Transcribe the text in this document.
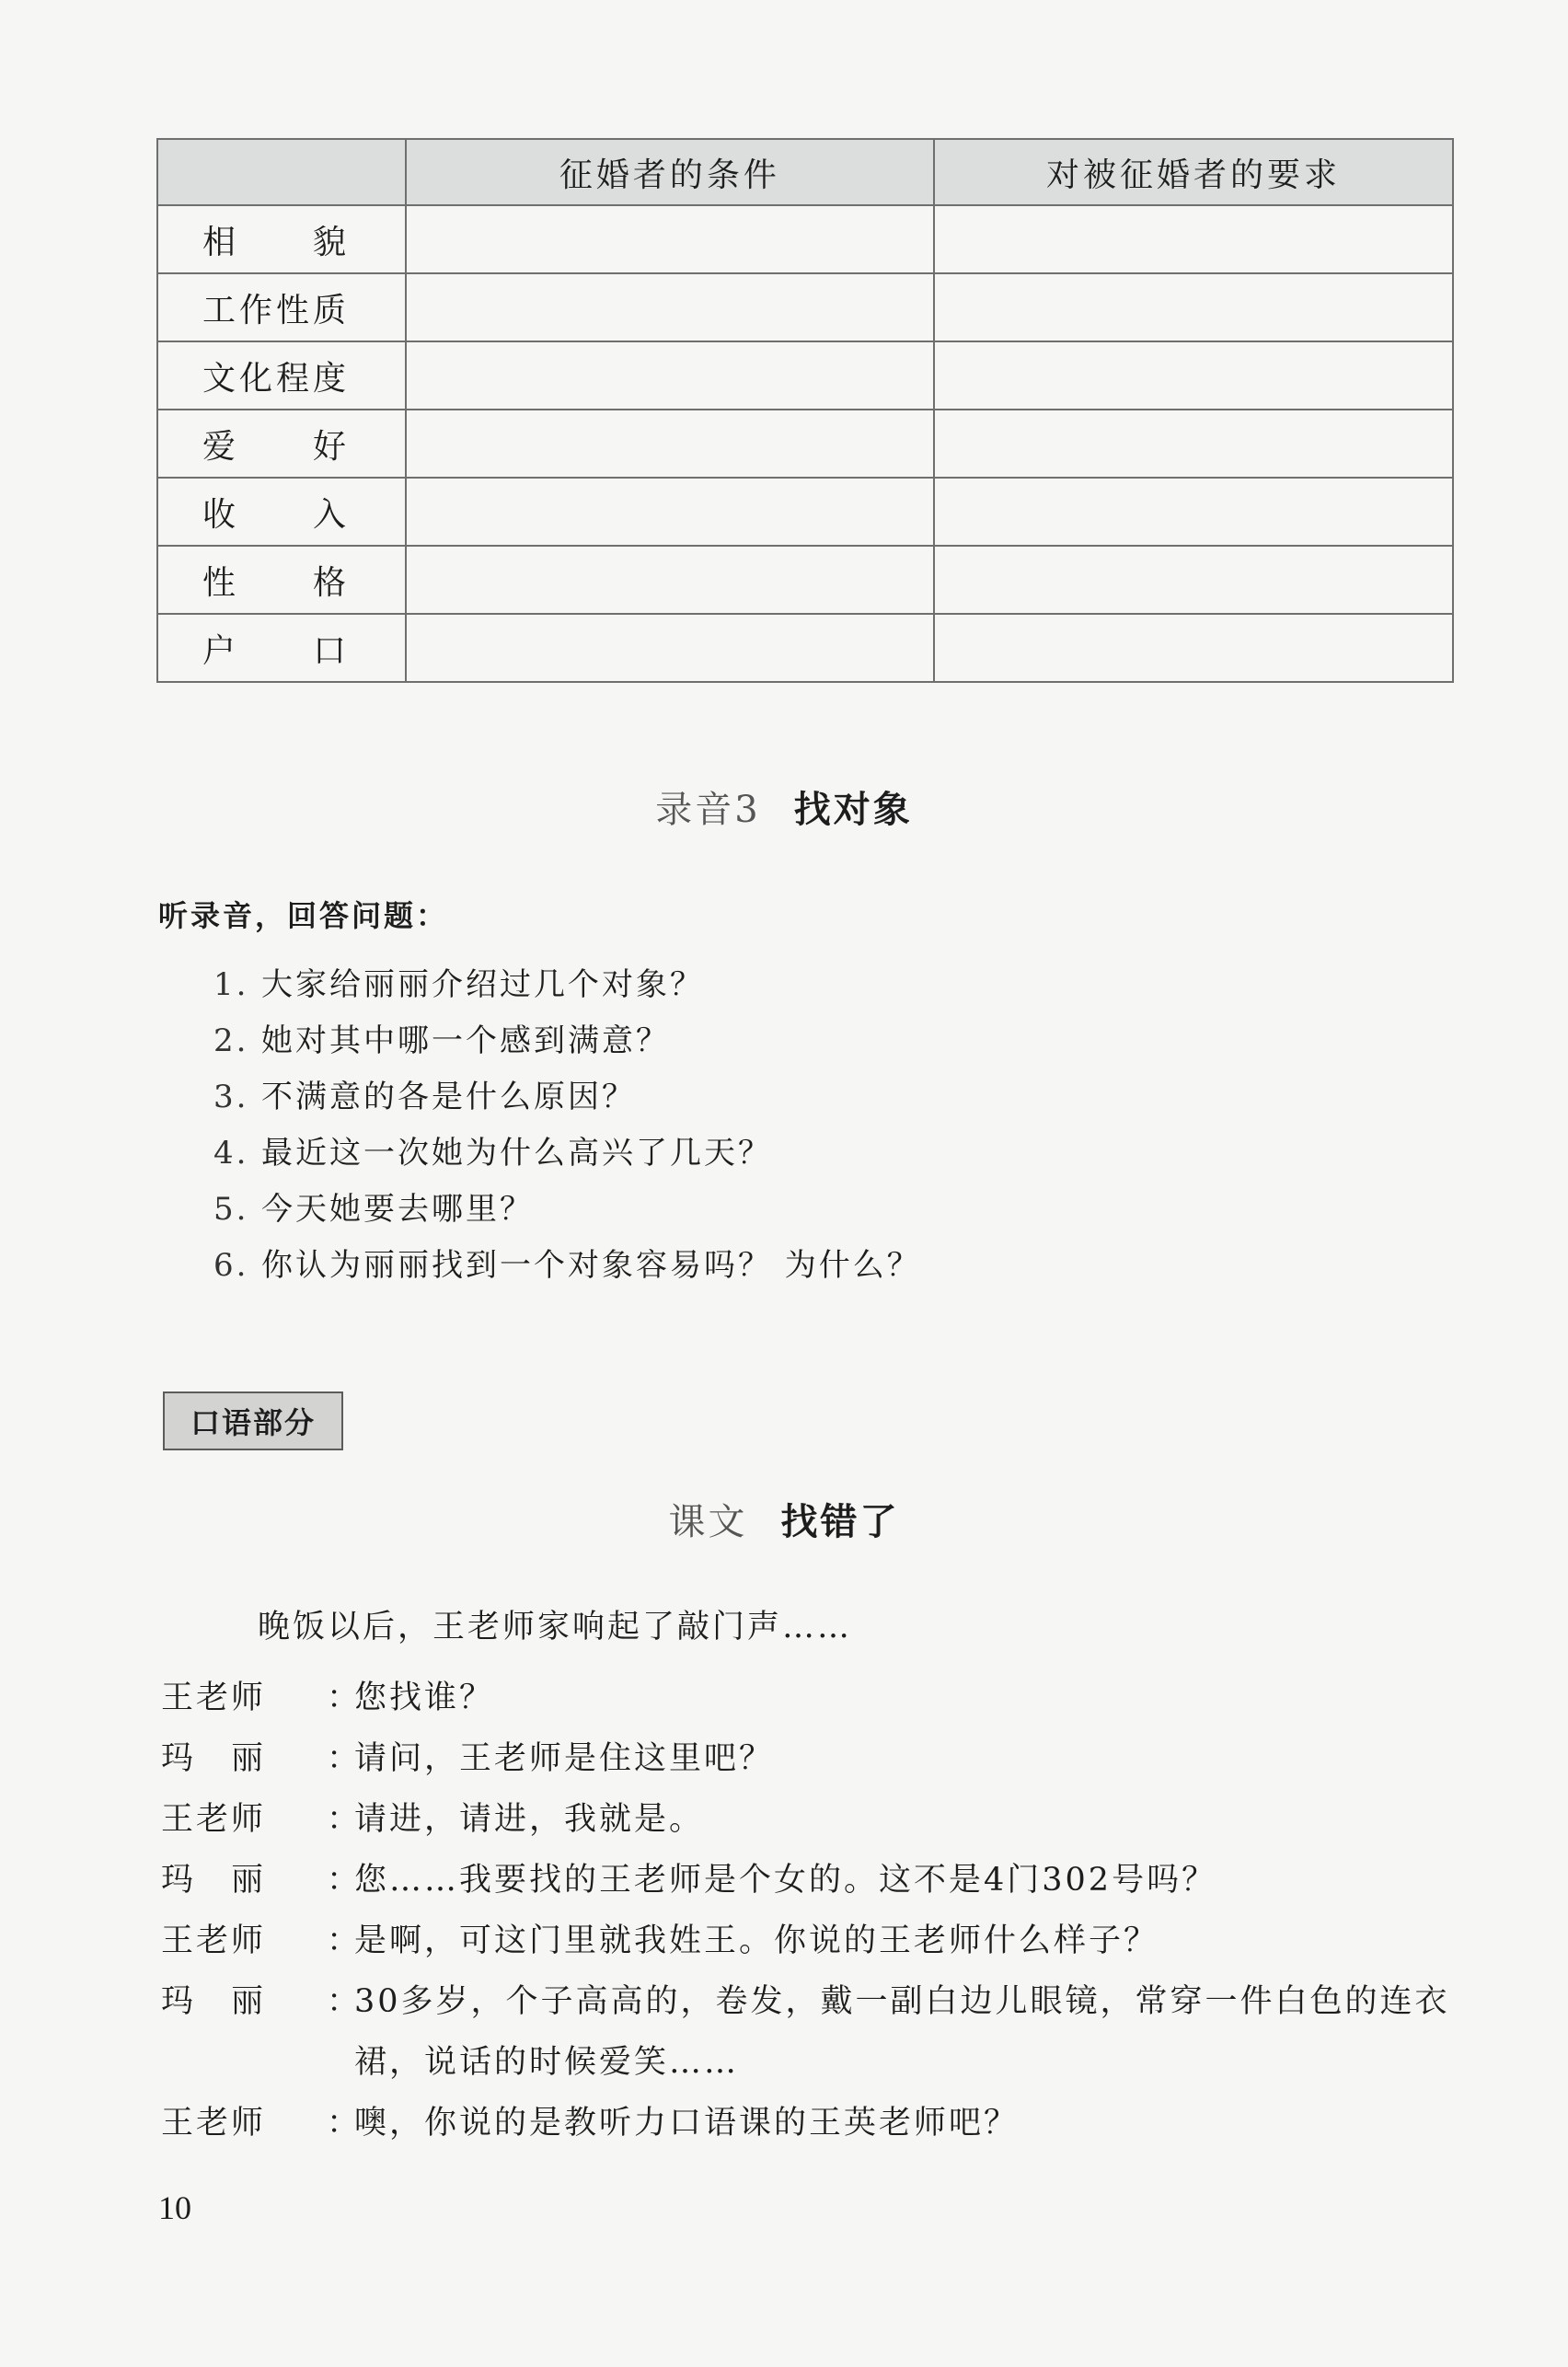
	征婚者的条件	对被征婚者的要求
相　　貌		
工作性质		
文化程度		
爱　　好		
收　　入		
性　　格		
户　　口		
录音3 找对象
听录音，回答问题：
1. 大家给丽丽介绍过几个对象？
2. 她对其中哪一个感到满意？
3. 不满意的各是什么原因？
4. 最近这一次她为什么高兴了几天？
5. 今天她要去哪里？
6. 你认为丽丽找到一个对象容易吗？ 为什么？
口语部分
课文 找错了
晚饭以后，王老师家响起了敲门声……
王老师	：
您找谁？
玛　丽	：
请问，王老师是住这里吧？
王老师	：
请进，请进，我就是。
玛　丽	：
您……我要找的王老师是个女的。这不是4门302号吗？
王老师	：
是啊，可这门里就我姓王。你说的王老师什么样子？
玛　丽	：
30多岁，个子高高的，卷发，戴一副白边儿眼镜，常穿一件白色的连衣裙，说话的时候爱笑……
王老师	：
噢，你说的是教听力口语课的王英老师吧？
10
